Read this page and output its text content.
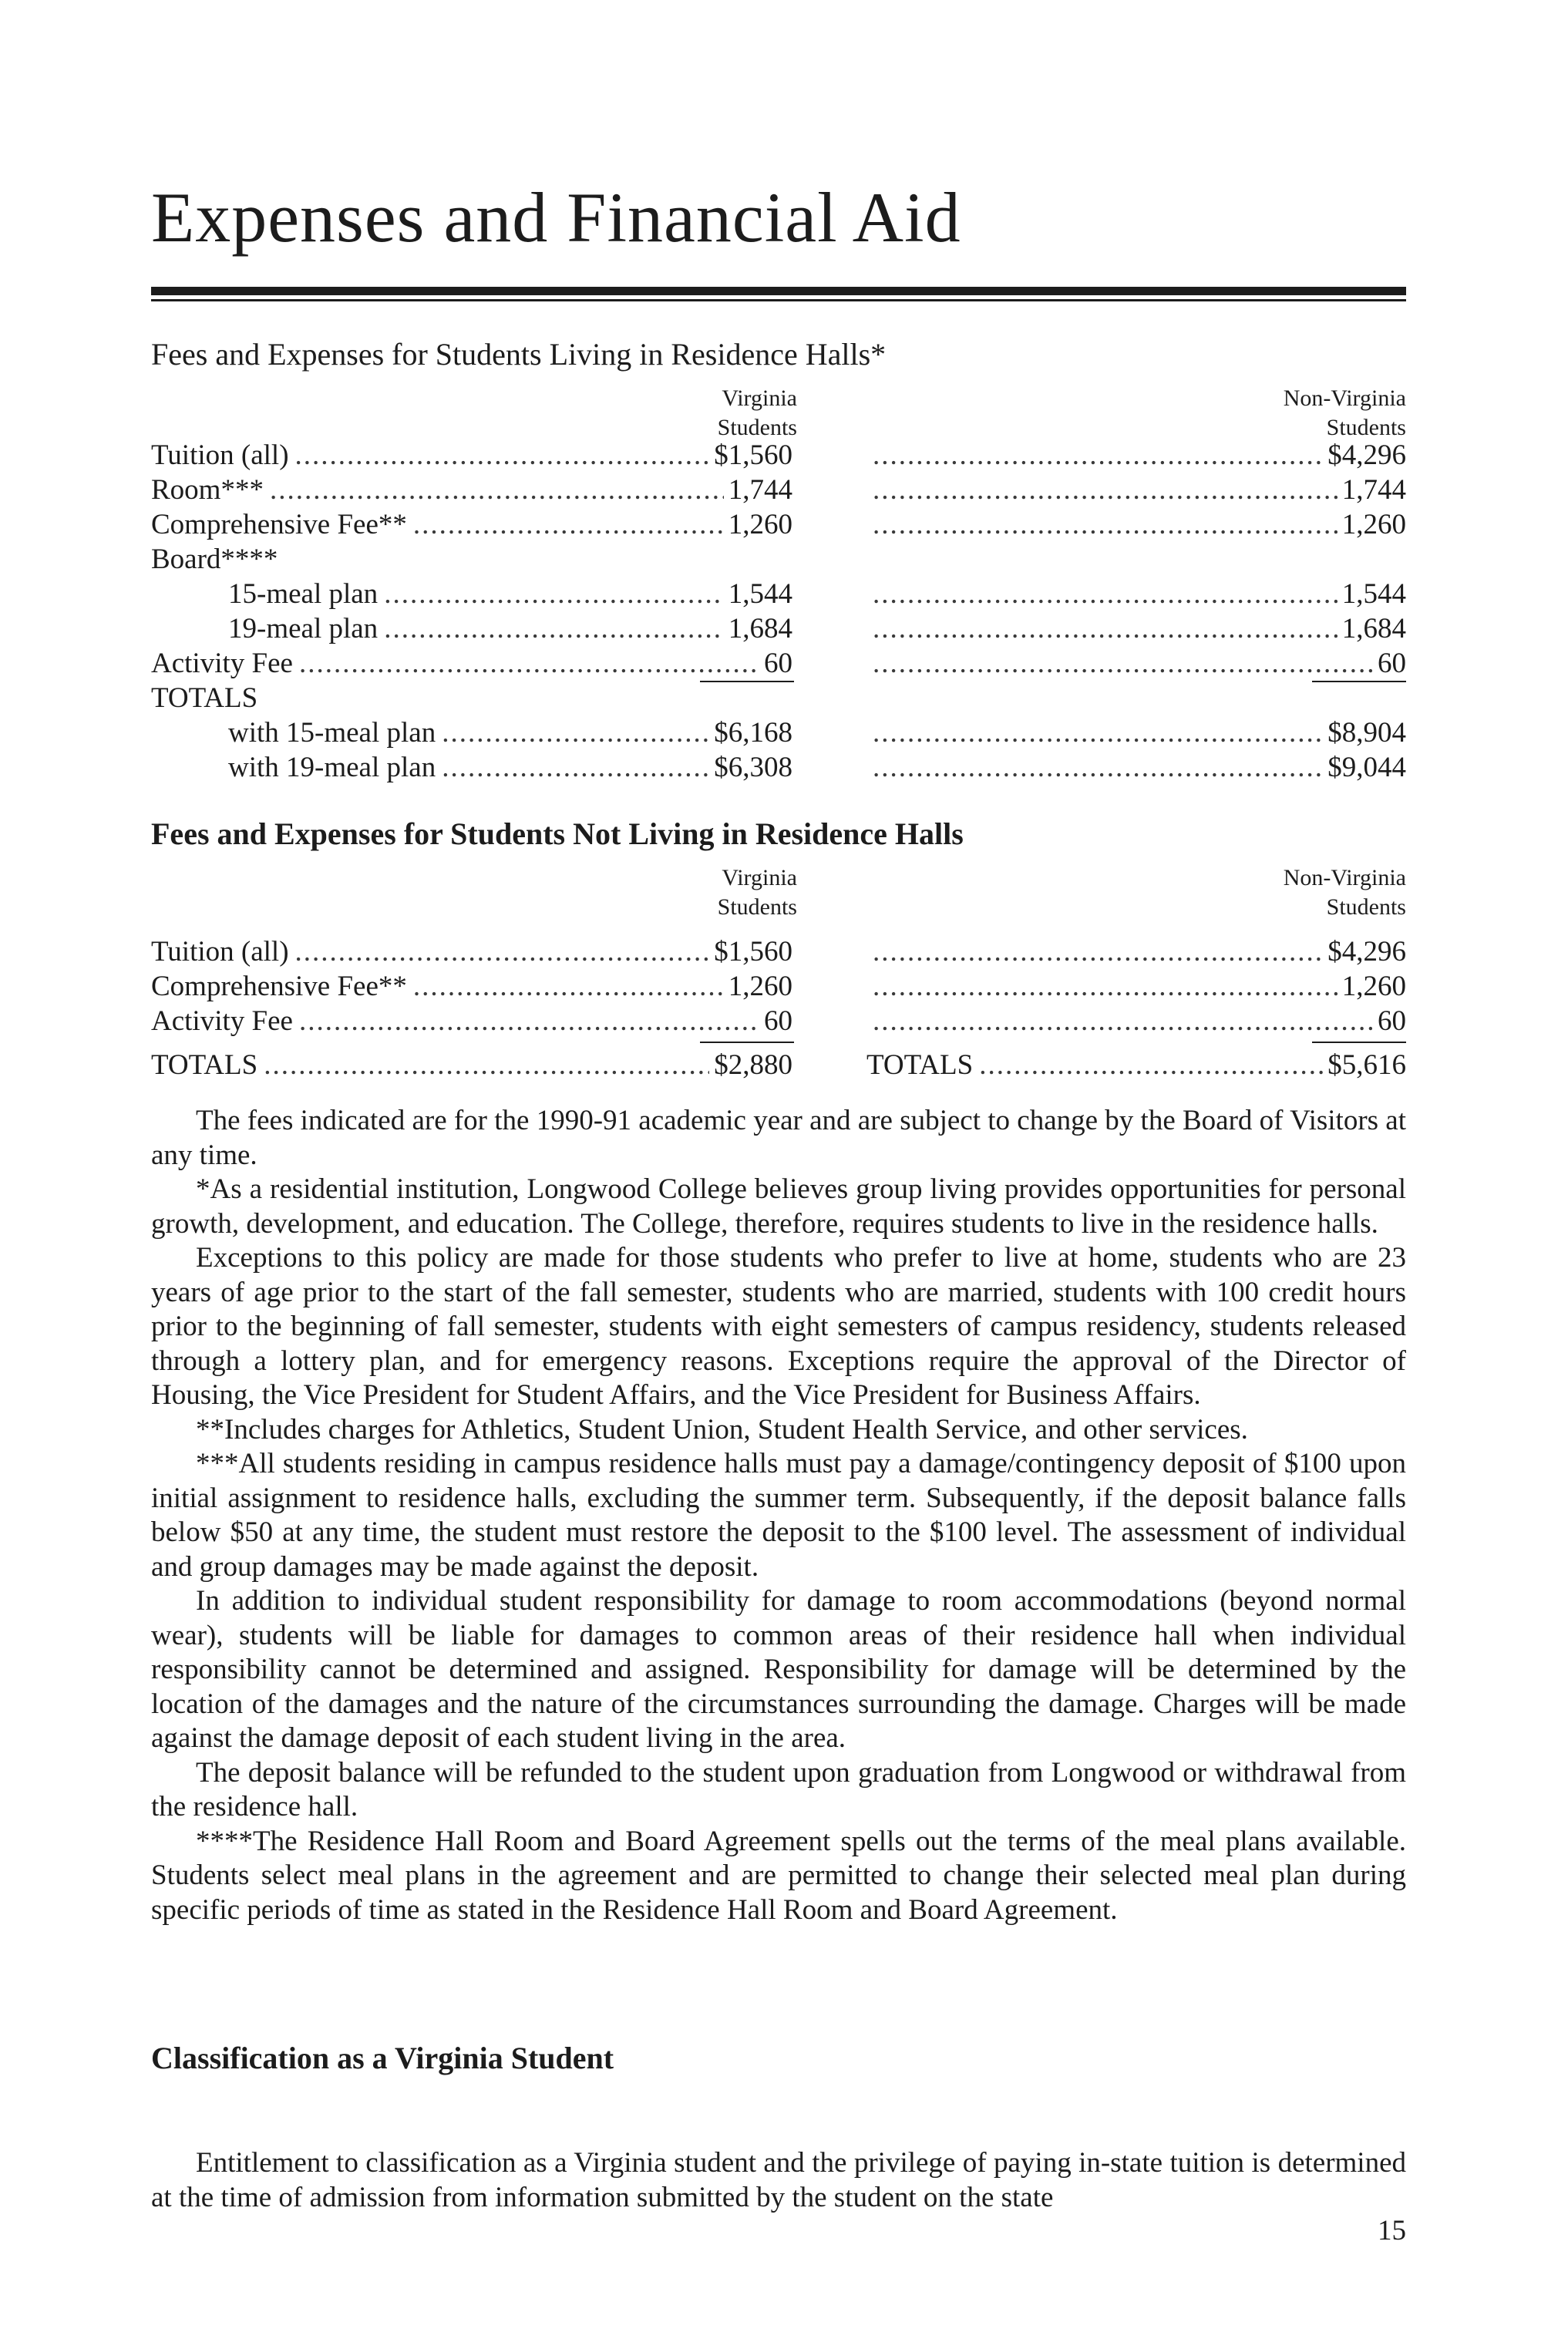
Expenses and Financial Aid
Fees and Expenses for Students Living in Residence Halls*
Virginia
Students
Non-Virginia
Students
Tuition (all) .....	$1,560 .....	$4,296
Room*** .....	1,744 .....	1,744
Comprehensive Fee** .....	1,260 .....	1,260
Board****
15-meal plan .....	1,544 .....	1,544
19-meal plan .....	1,684 .....	1,684
Activity Fee .....	60 .....	60
TOTALS
with 15-meal plan .....	$6,168 .....	$8,904
with 19-meal plan .....	$6,308 .....	$9,044
Fees and Expenses for Students Not Living in Residence Halls
Virginia
Students
Non-Virginia
Students
Tuition (all) .....	$1,560 .....	$4,296
Comprehensive Fee** .....	1,260 .....	1,260
Activity Fee .....	60 .....	60
TOTALS .....	$2,880	TOTALS .....	$5,616

The fees indicated are for the 1990-91 academic year and are subject to change by the Board of Visitors at any time.

*As a residential institution, Longwood College believes group living provides opportunities for personal growth, development, and education. The College, therefore, requires students to live in the residence halls.

Exceptions to this policy are made for those students who prefer to live at home, students who are 23 years of age prior to the start of the fall semester, students who are married, students with 100 credit hours prior to the beginning of fall semester, students with eight semesters of campus residency, students released through a lottery plan, and for emergency reasons. Exceptions require the approval of the Director of Housing, the Vice President for Student Affairs, and the Vice President for Business Affairs.

**Includes charges for Athletics, Student Union, Student Health Service, and other services.

***All students residing in campus residence halls must pay a damage/contingency deposit of $100 upon initial assignment to residence halls, excluding the summer term. Subsequently, if the deposit balance falls below $50 at any time, the student must restore the deposit to the $100 level. The assessment of individual and group damages may be made against the deposit.

In addition to individual student responsibility for damage to room accommodations (beyond normal wear), students will be liable for damages to common areas of their residence hall when individual responsibility cannot be determined and assigned. Responsibility for damage will be determined by the location of the damages and the nature of the circumstances surrounding the damage. Charges will be made against the damage deposit of each student living in the area.

The deposit balance will be refunded to the student upon graduation from Longwood or withdrawal from the residence hall.

****The Residence Hall Room and Board Agreement spells out the terms of the meal plans available. Students select meal plans in the agreement and are permitted to change their selected meal plan during specific periods of time as stated in the Residence Hall Room and Board Agreement.

Classification as a Virginia Student

Entitlement to classification as a Virginia student and the privilege of paying in-state tuition is determined at the time of admission from information submitted by the student on the state

15
